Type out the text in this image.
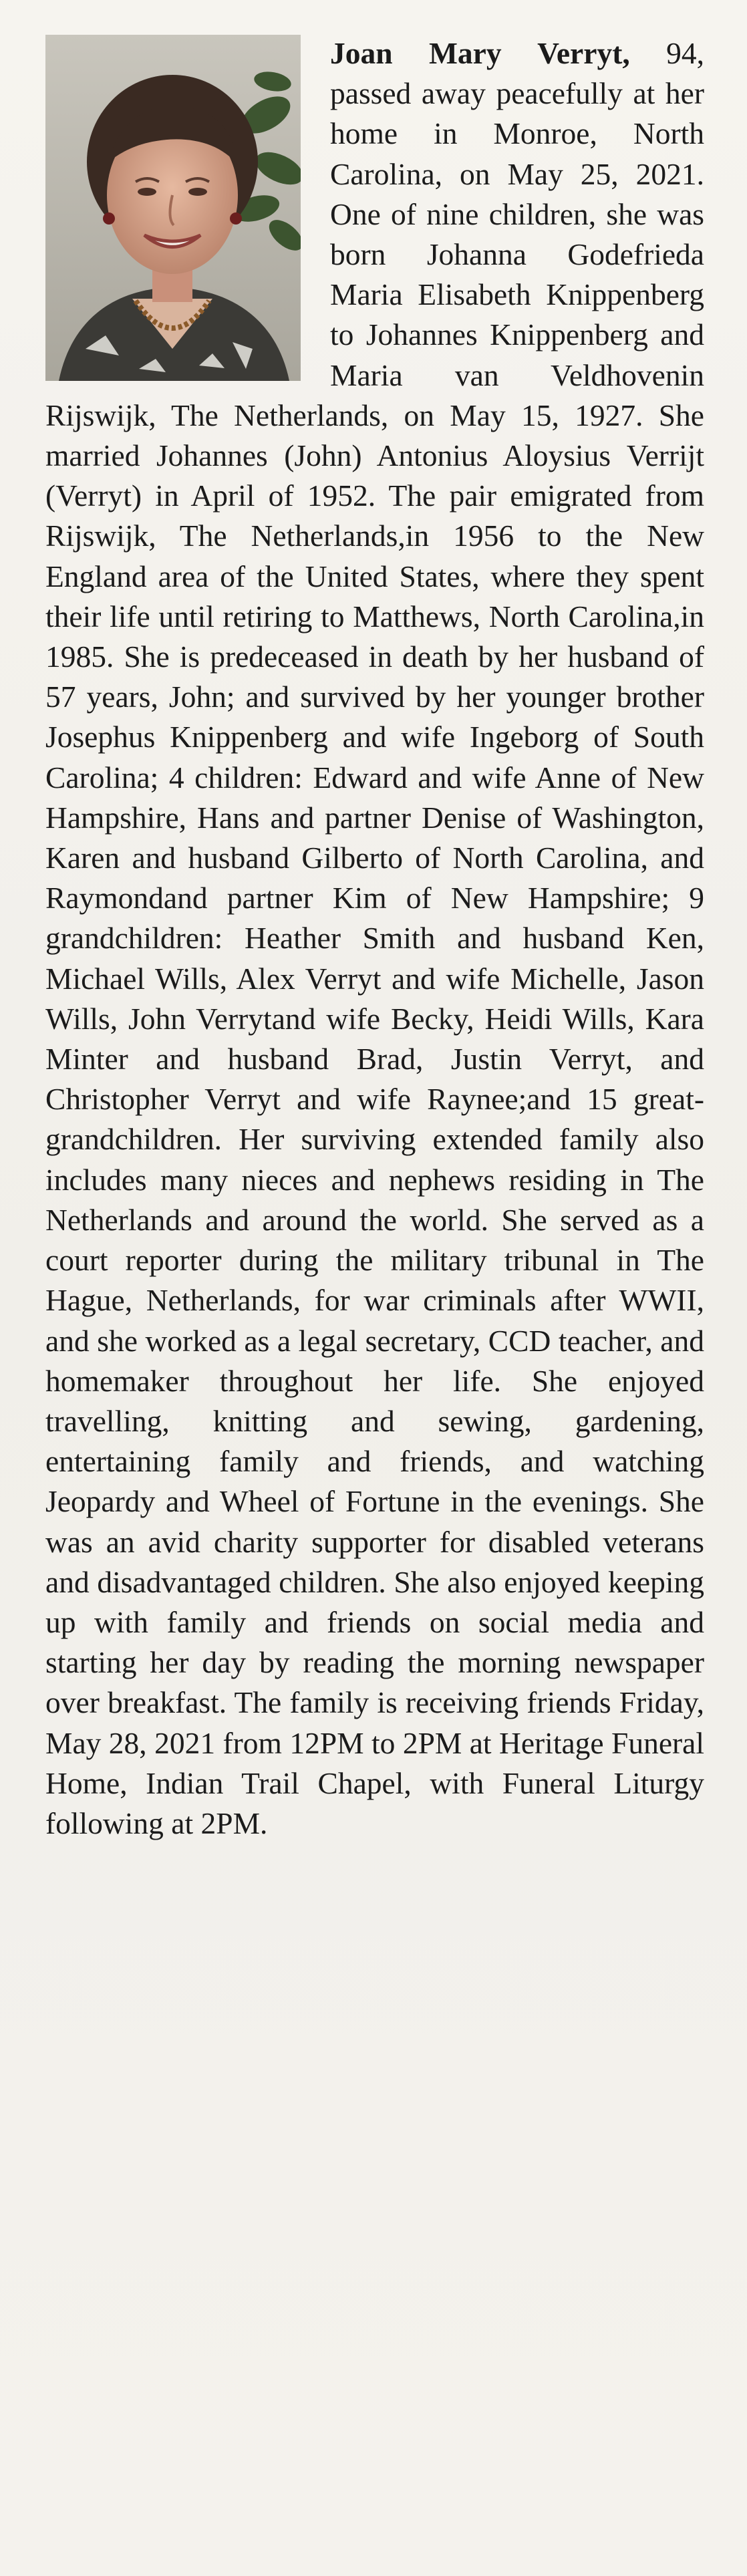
Joan Mary Verryt, 94, passed away peacefully at her home in Monroe, North Carolina, on May 25, 2021. One of nine children, she was born Johanna Godefrieda Maria Elisabeth Knippenberg to Johannes Knippenberg and Maria van Veldhovenin Rijswijk, The Netherlands, on May 15, 1927. She married Johannes (John) Antonius Aloysius Verrijt (Verryt) in April of 1952. The pair emigrated from Rijswijk, The Netherlands,in 1956 to the New England area of the United States, where they spent their life until retiring to Matthews, North Carolina,in 1985. She is predeceased in death by her husband of 57 years, John; and survived by her younger brother Josephus Knippenberg and wife Ingeborg of South Carolina; 4 children: Edward and wife Anne of New Hampshire, Hans and partner Denise of Washington, Karen and husband Gilberto of North Carolina, and Raymondand partner Kim of New Hampshire; 9 grandchildren: Heather Smith and husband Ken, Michael Wills, Alex Verryt and wife Michelle, Jason Wills, John Verrytand wife Becky, Heidi Wills, Kara Minter and husband Brad, Justin Verryt, and Christopher Verryt and wife Raynee;and 15 great-grandchildren. Her surviving extended family also includes many nieces and nephews residing in The Netherlands and around the world. She served as a court reporter during the military tribunal in The Hague, Netherlands, for war criminals after WWII, and she worked as a legal secretary, CCD teacher, and homemaker throughout her life. She enjoyed travelling, knitting and sewing, gardening, entertaining family and friends, and watching Jeopardy and Wheel of Fortune in the evenings. She was an avid charity supporter for disabled veterans and disadvantaged children. She also enjoyed keeping up with family and friends on social media and starting her day by reading the morning newspaper over breakfast. The family is receiving friends Friday, May 28, 2021 from 12PM to 2PM at Heritage Funeral Home, Indian Trail Chapel, with Funeral Liturgy following at 2PM.
